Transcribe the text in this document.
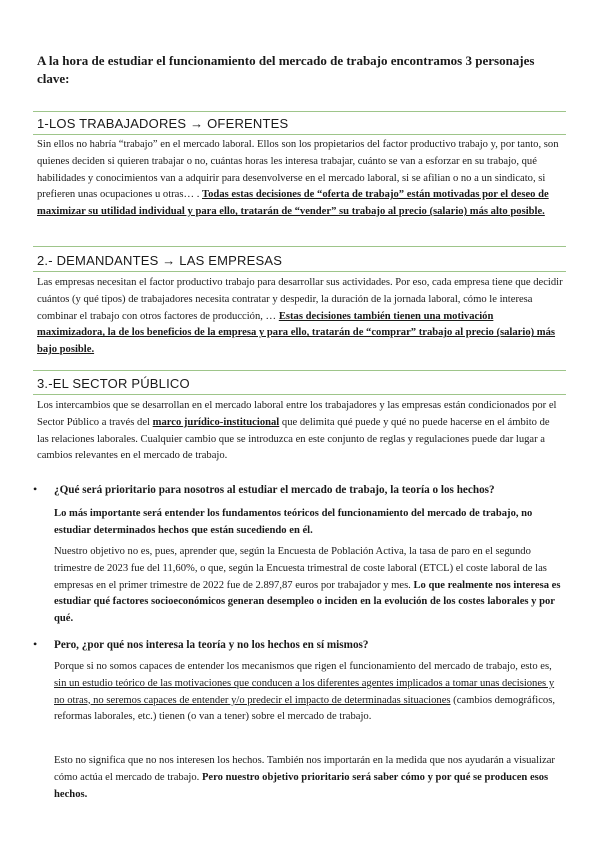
A la hora de estudiar el funcionamiento del mercado de trabajo encontramos 3 personajes clave:
1-LOS TRABAJADORES → OFERENTES
Sin ellos no habría “trabajo” en el mercado laboral. Ellos son los propietarios del factor productivo trabajo y, por tanto, son quienes deciden si quieren trabajar o no, cuántas horas les interesa trabajar, cuánto se van a esforzar en su trabajo, qué habilidades y conocimientos van a adquirir para desenvolverse en el mercado laboral, si se afilian o no a un sindicato, si prefieren unas ocupaciones u otras… . Todas estas decisiones de “oferta de trabajo” están motivadas por el deseo de maximizar su utilidad individual y para ello, tratarán de “vender” su trabajo al precio (salario) más alto posible.
2.- DEMANDANTES → LAS EMPRESAS
Las empresas necesitan el factor productivo trabajo para desarrollar sus actividades. Por eso, cada empresa tiene que decidir cuántos (y qué tipos) de trabajadores necesita contratar y despedir, la duración de la jornada laboral, cómo le interesa combinar el trabajo con otros factores de producción, … Estas decisiones también tienen una motivación maximizadora, la de los beneficios de la empresa y para ello, tratarán de “comprar” trabajo al precio (salario) más bajo posible.
3.-EL SECTOR PÚBLICO
Los intercambios que se desarrollan en el mercado laboral entre los trabajadores y las empresas están condicionados por el Sector Público a través del marco jurídico-institucional que delimita qué puede y qué no puede hacerse en el ámbito de las relaciones laborales. Cualquier cambio que se introduzca en este conjunto de reglas y regulaciones puede dar lugar a cambios relevantes en el mercado de trabajo.
• ¿Qué será prioritario para nosotros al estudiar el mercado de trabajo, la teoría o los hechos?
Lo más importante será entender los fundamentos teóricos del funcionamiento del mercado de trabajo, no estudiar determinados hechos que están sucediendo en él.
Nuestro objetivo no es, pues, aprender que, según la Encuesta de Población Activa, la tasa de paro en el segundo trimestre de 2023 fue del 11,60%, o que, según la Encuesta trimestral de coste laboral (ETCL) el coste laboral de las empresas en el primer trimestre de 2022 fue de 2.897,87 euros por trabajador y mes. Lo que realmente nos interesa es estudiar qué factores socioeconómicos generan desempleo o inciden en la evolución de los costes laborales y por qué.
• Pero, ¿por qué nos interesa la teoría y no los hechos en sí mismos?
Porque si no somos capaces de entender los mecanismos que rigen el funcionamiento del mercado de trabajo, esto es, sin un estudio teórico de las motivaciones que conducen a los diferentes agentes implicados a tomar unas decisiones y no otras, no seremos capaces de entender y/o predecir el impacto de determinadas situaciones (cambios demográficos, reformas laborales, etc.) tienen (o van a tener) sobre el mercado de trabajo.
Esto no significa que no nos interesen los hechos. También nos importarán en la medida que nos ayudarán a visualizar cómo actúa el mercado de trabajo. Pero nuestro objetivo prioritario será saber cómo y por qué se producen esos hechos.
